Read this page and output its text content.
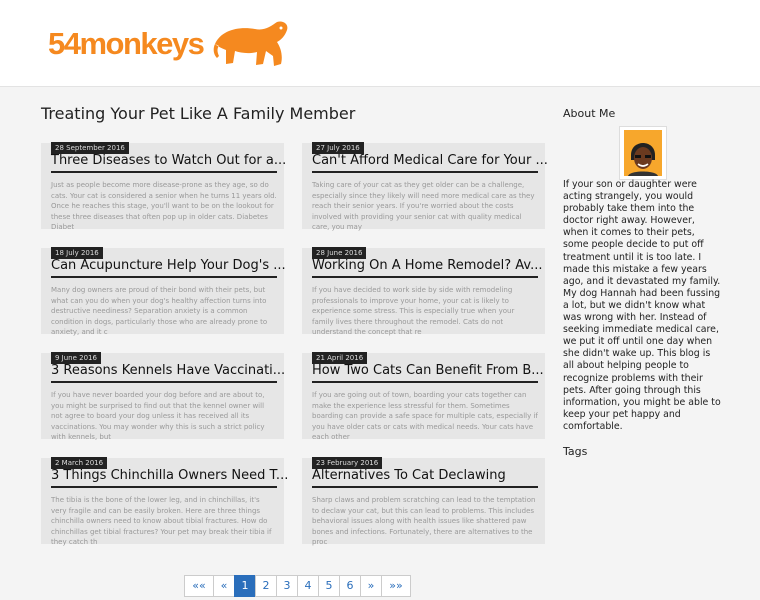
54monkeys
Treating Your Pet Like A Family Member
28 September 2016
Three Diseases to Watch Out for a...
Just as people become more disease-prone as they age, so do cats. Your cat is considered a senior when he turns 11 years old. Once he reaches this stage, you'll want to be on the lookout for these three diseases that often pop up in older cats. Diabetes Diabet
27 July 2016
Can't Afford Medical Care for Your ...
Taking care of your cat as they get older can be a challenge, especially since they likely will need more medical care as they reach their senior years. If you're worried about the costs involved with providing your senior cat with quality medical care, you may
18 July 2016
Can Acupuncture Help Your Dog's ...
Many dog owners are proud of their bond with their pets, but what can you do when your dog's healthy affection turns into destructive neediness? Separation anxiety is a common condition in dogs, particularly those who are already prone to anxiety, and it c
28 June 2016
Working On A Home Remodel? Av...
If you have decided to work side by side with remodeling professionals to improve your home, your cat is likely to experience some stress. This is especially true when your family lives there throughout the remodel. Cats do not understand the concept that re
9 June 2016
3 Reasons Kennels Have Vaccinati...
If you have never boarded your dog before and are about to, you might be surprised to find out that the kennel owner will not agree to board your dog unless it has received all its vaccinations. You may wonder why this is such a strict policy with kennels, but
21 April 2016
How Two Cats Can Benefit From B...
If you are going out of town, boarding your cats together can make the experience less stressful for them. Sometimes boarding can provide a safe space for multiple cats, especially if you have older cats or cats with medical needs. Your cats have each other
2 March 2016
3 Things Chinchilla Owners Need T...
The tibia is the bone of the lower leg, and in chinchillas, it's very fragile and can be easily broken. Here are three things chinchilla owners need to know about tibial fractures. How do chinchillas get tibial fractures? Your pet may break their tibia if they catch th
23 February 2016
Alternatives To Cat Declawing
Sharp claws and problem scratching can lead to the temptation to declaw your cat, but this can lead to problems. This includes behavioral issues along with health issues like shattered paw bones and infections. Fortunately, there are alternatives to the proc
About Me
If your son or daughter were acting strangely, you would probably take them into the doctor right away. However, when it comes to their pets, some people decide to put off treatment until it is too late. I made this mistake a few years ago, and it devastated my family. My dog Hannah had been fussing a lot, but we didn't know what was wrong with her. Instead of seeking immediate medical care, we put it off until one day when she didn't wake up. This blog is all about helping people to recognize problems with their pets. After going through this information, you might be able to keep your pet happy and comfortable.
Tags
««	«	1	2	3	4	5	6	»	»»
